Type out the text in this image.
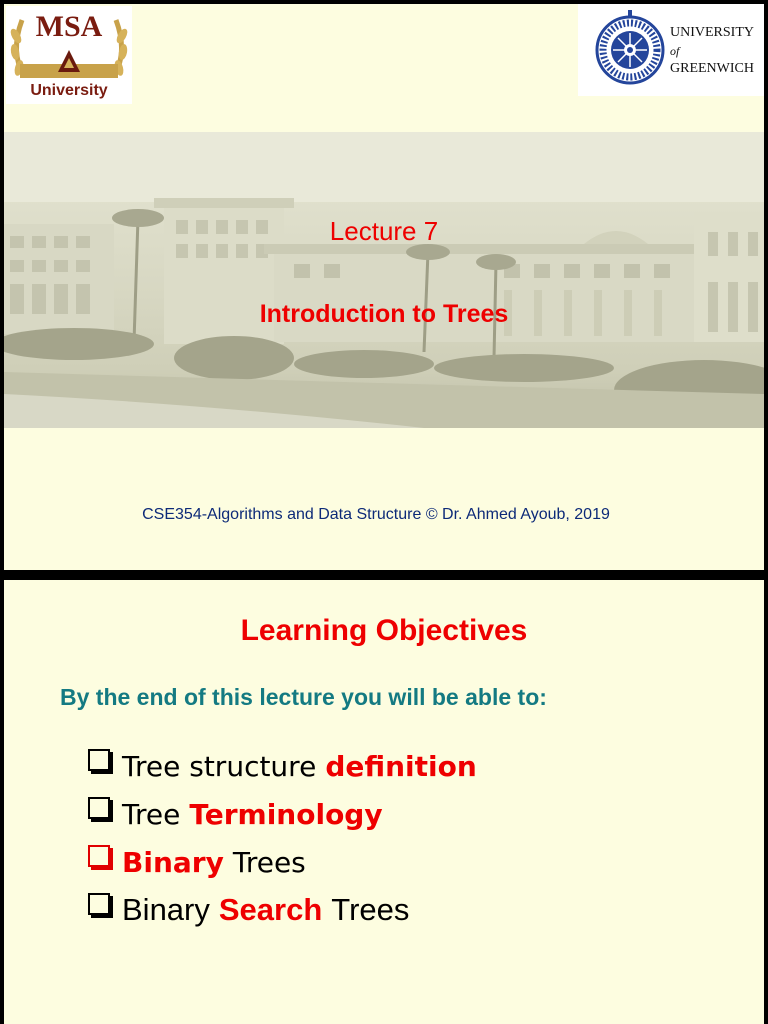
MSA
University
UNIVERSITY
of
GREENWICH
Lecture 7
Introduction to Trees
CSE354-Algorithms and Data Structure © Dr. Ahmed Ayoub, 2019
Learning Objectives
By the end of this lecture you will be able to:
Tree structure definition
Tree Terminology
Binary Trees
Binary Search Trees
